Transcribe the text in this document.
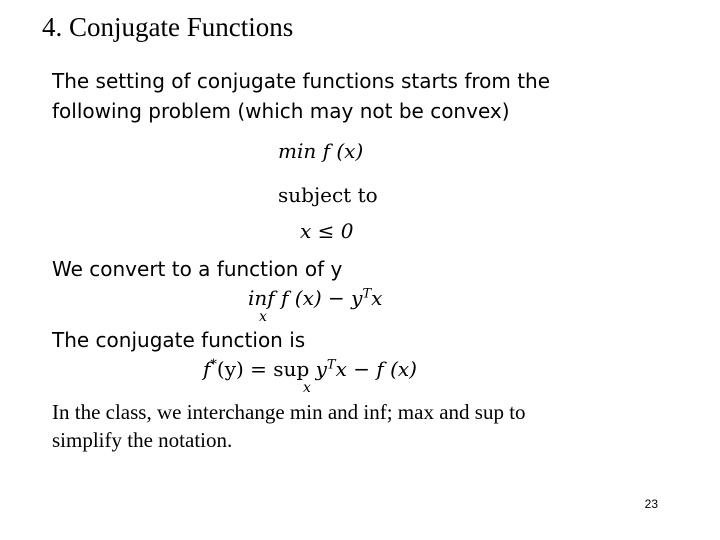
4. Conjugate Functions
The setting of conjugate functions starts from the
following problem (which may not be convex)
min f (x)
subject to
x ≤ 0
We convert to a function of y
inf f $(x) - y^Tx$
x
The conjugate function is
f*(y) = sup $y^Tx - f$ (x)
x
In the class, we interchange min and inf; max and sup to
simplify the notation.
23
